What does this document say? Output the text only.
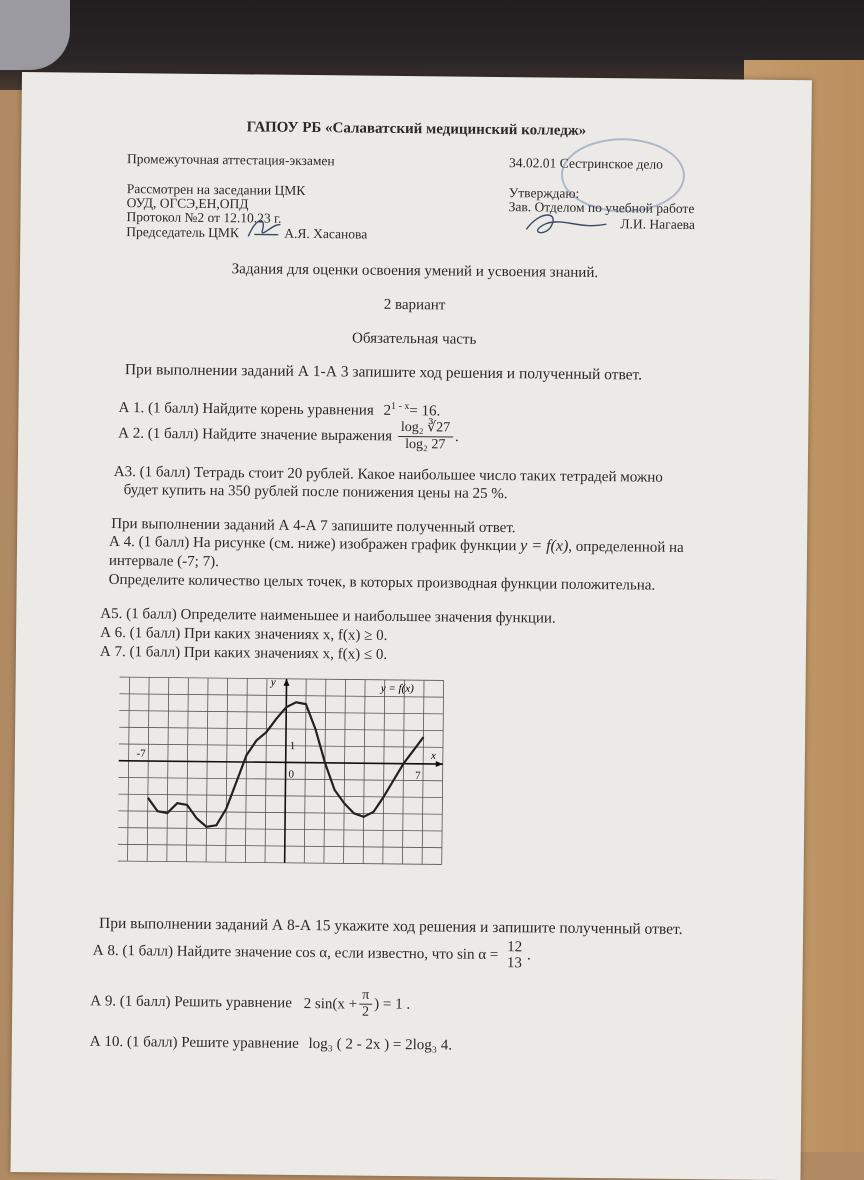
ГАПОУ РБ «Салаватский медицинский колледж»
Промежуточная аттестация-экзамен	34.02.01 Сестринское дело
Рассмотрен на заседании ЦМК
ОУД, ОГСЭ,ЕН,ОПД
Протокол №2 от 12.10.23 г.
Председатель ЦМК	А.Я. Хасанова
Утверждаю:
Зав. Отделом по учебной работе
Л.И. Нагаева
Задания для оценки освоения умений и усвоения знаний.
2 вариант
Обязательная часть
При выполнении заданий А 1-А 3 запишите ход решения и полученный ответ.
А 1. (1 балл) Найдите корень уравнения $2^{1 - x}= 16$.
А 2. (1 балл) Найдите значение выражения $\frac{\text{log₂ ∛27}}{\text{log₂ 27}}$ .
А3. (1 балл) Тетрадь стоит 20 рублей. Какое наибольшее число таких тетрадей можно
будет купить на 350 рублей после понижения цены на 25 %.
При выполнении заданий А 4-А 7 запишите полученный ответ.
А 4. (1 балл) На рисунке (см. ниже) изображен график функции y = f(x), определенной на
интервале (-7; 7).
Определите количество целых точек, в которых производная функции положительна.
А5. (1 балл) Определите наименьшее и наибольшее значения функции.
А 6. (1 балл) При каких значениях x, f(x) ≥ 0.
А 7. (1 балл) При каких значениях x, f(x) ≤ 0.
y = f(x)
y
x
-7
0
1
7
При выполнении заданий А 8-А 15 укажите ход решения и запишите полученный ответ.
А 8. (1 балл) Найдите значение cos α, если известно, что sin α = 12
13 .
А 9. (1 балл) Решить уравнение 2 $\sin(x + \frac{\pi}{2}$ ) = 1 .
А 10. (1 балл) Решите уравнение log₃ ( 2 - 2x ) = 2log₃ 4.
